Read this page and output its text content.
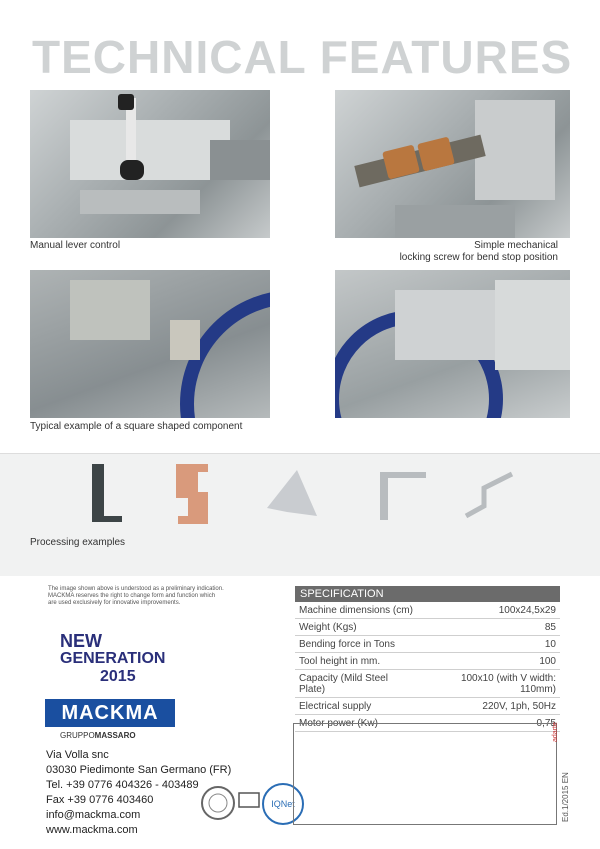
TECHNICAL FEATURES
Manual lever control	Simple mechanical
locking screw for bend stop position
Typical example of a square shaped component
Processing examples
The image shown above is understood as a preliminary indication.
MACKMA reserves the right to change form and function which
are used exclusively for innovative improvements.
SPECIFICATION
Machine dimensions (cm)	100x24,5x29
Weight (Kgs)	85
Bending force in Tons	10
Tool height in mm.	100
Capacity (Mild Steel Plate)	100x10 (with V width: 110mm)
Electrical supply	220V, 1ph, 50Hz
Motor power (Kw)	0,75
NEW
GENERATION
2015
MACKMA
GRUPPOMASSARO
Via Volla snc
03030 Piedimonte San Germano (FR)
Tel. +39 0776 404326 - 403489
Fax +39 0776 403460
info@mackma.com
www.mackma.com
IQNet
adarte
Ed.1/2015 EN
